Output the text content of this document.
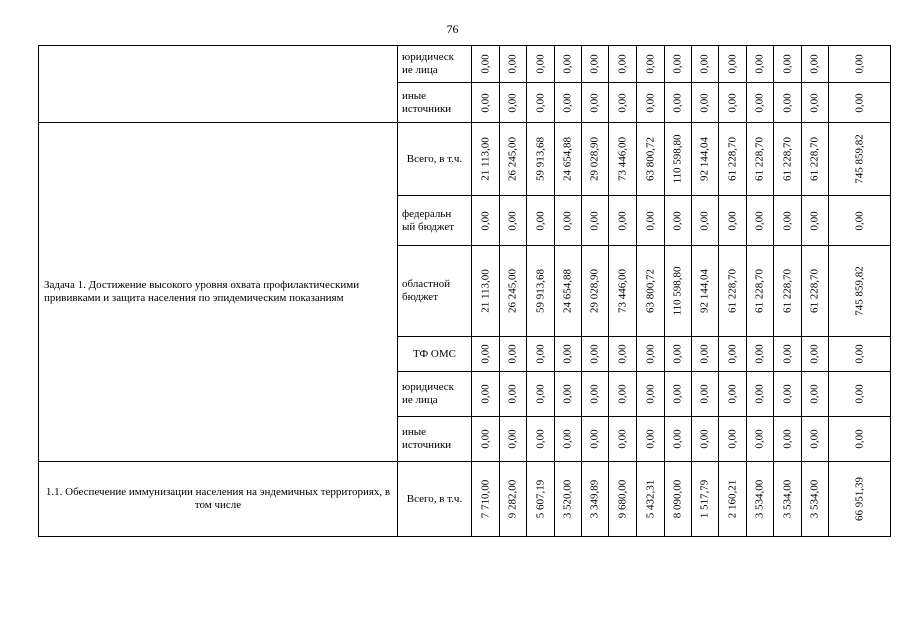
76
	юридическ ие лица	0,00	0,00	0,00	0,00	0,00	0,00	0,00	0,00	0,00	0,00	0,00	0,00	0,00	0,00

	иные источники	0,00	0,00	0,00	0,00	0,00	0,00	0,00	0,00	0,00	0,00	0,00	0,00	0,00	0,00

Задача 1. Достижение высокого уровня охвата профилактическими прививками и защита населения по эпидемическим показаниям	Всего, в т.ч.	21 113,00	26 245,00	59 913,68	24 654,88	29 028,90	73 446,00	63 800,72	110 598,80	92 144,04	61 228,70	61 228,70	61 228,70	61 228,70	745 859,82

	федеральн ый бюджет	0,00	0,00	0,00	0,00	0,00	0,00	0,00	0,00	0,00	0,00	0,00	0,00	0,00	0,00

	областной бюджет	21 113,00	26 245,00	59 913,68	24 654,88	29 028,90	73 446,00	63 800,72	110 598,80	92 144,04	61 228,70	61 228,70	61 228,70	61 228,70	745 859,82

	ТФ ОМС	0,00	0,00	0,00	0,00	0,00	0,00	0,00	0,00	0,00	0,00	0,00	0,00	0,00	0,00

	юридическ ие лица	0,00	0,00	0,00	0,00	0,00	0,00	0,00	0,00	0,00	0,00	0,00	0,00	0,00	0,00

	иные источники	0,00	0,00	0,00	0,00	0,00	0,00	0,00	0,00	0,00	0,00	0,00	0,00	0,00	0,00

1.1. Обеспечение иммунизации населения на эндемичных территориях, в том числе	Всего, в т.ч.	7 710,00	9 282,00	5 607,19	3 520,00	3 349,89	9 680,00	5 432,31	8 090,00	1 517,79	2 160,21	3 534,00	3 534,00	3 534,00	66 951,39
